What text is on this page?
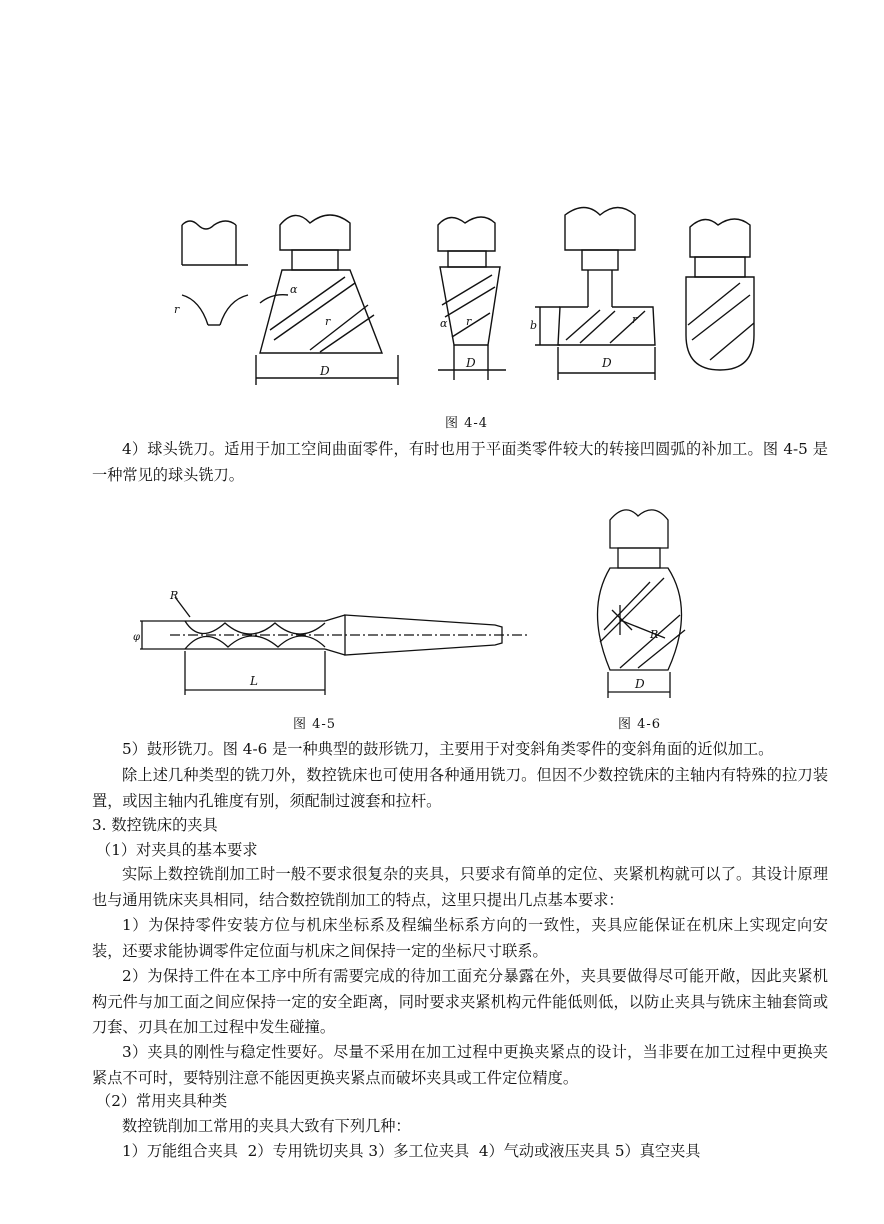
r
α
r
D
α r
D
b	r
D
图 4-4
4）球头铣刀。适用于加工空间曲面零件，有时也用于平面类零件较大的转接凹圆弧的补加工。图 4-5 是一种常见的球头铣刀。
R
φ
L
图 4-5
R
D
图 4-6
5）鼓形铣刀。图 4-6 是一种典型的鼓形铣刀，主要用于对变斜角类零件的变斜角面的近似加工。
除上述几种类型的铣刀外，数控铣床也可使用各种通用铣刀。但因不少数控铣床的主轴内有特殊的拉刀装置，或因主轴内孔锥度有别，须配制过渡套和拉杆。
3. 数控铣床的夹具
（1）对夹具的基本要求
实际上数控铣削加工时一般不要求很复杂的夹具，只要求有简单的定位、夹紧机构就可以了。其设计原理也与通用铣床夹具相同，结合数控铣削加工的特点，这里只提出几点基本要求：
1）为保持零件安装方位与机床坐标系及程编坐标系方向的一致性，夹具应能保证在机床上实现定向安装，还要求能协调零件定位面与机床之间保持一定的坐标尺寸联系。
2）为保持工件在本工序中所有需要完成的待加工面充分暴露在外，夹具要做得尽可能开敞，因此夹紧机构元件与加工面之间应保持一定的安全距离，同时要求夹紧机构元件能低则低，以防止夹具与铣床主轴套筒或刀套、刃具在加工过程中发生碰撞。
3）夹具的刚性与稳定性要好。尽量不采用在加工过程中更换夹紧点的设计，当非要在加工过程中更换夹紧点不可时，要特别注意不能因更换夹紧点而破坏夹具或工件定位精度。
（2）常用夹具种类
数控铣削加工常用的夹具大致有下列几种：
1）万能组合夹具  2）专用铣切夹具 3）多工位夹具  4）气动或液压夹具 5）真空夹具
